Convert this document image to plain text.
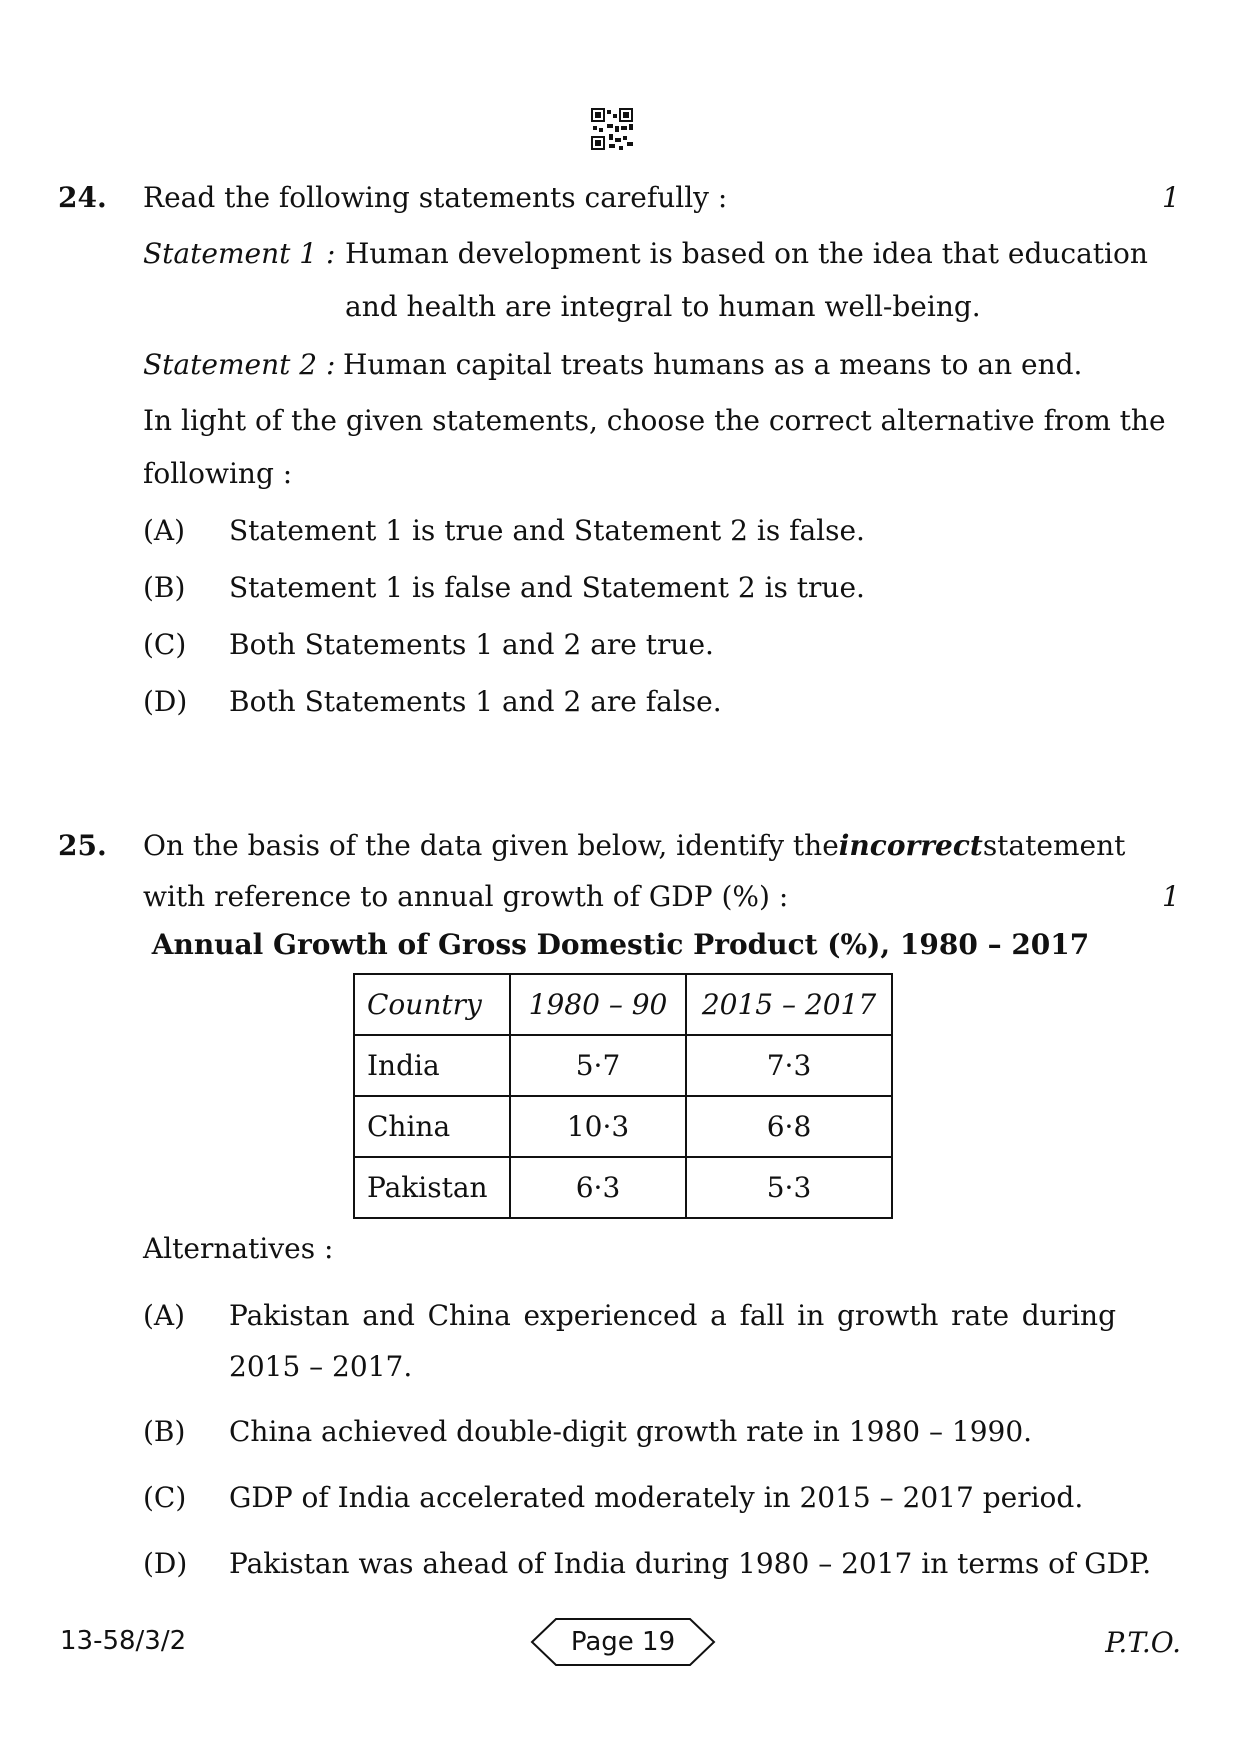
24. Read the following statements carefully :	1
Statement 1 : Human development is based on the idea that education
and health are integral to human well-being.
Statement 2 : Human capital treats humans as a means to an end.
In light of the given statements, choose the correct alternative from the
following :
(A) Statement 1 is true and Statement 2 is false.
(B) Statement 1 is false and Statement 2 is true.
(C) Both Statements 1 and 2 are true.
(D) Both Statements 1 and 2 are false.
25. On the basis of the data given below, identify the incorrect statement
with reference to annual growth of GDP (%) :	1
Annual Growth of Gross Domestic Product (%), 1980 – 2017
Country	1980 – 90	2015 – 2017
India	5·7	7·3
China	10·3	6·8
Pakistan	6·3	5·3
Alternatives :
(A) Pakistan and China experienced a fall in growth rate during
2015 – 2017.
(B) China achieved double-digit growth rate in 1980 – 1990.
(C) GDP of India accelerated moderately in 2015 – 2017 period.
(D) Pakistan was ahead of India during 1980 – 2017 in terms of GDP.
13-58/3/2	Page 19	P.T.O.
